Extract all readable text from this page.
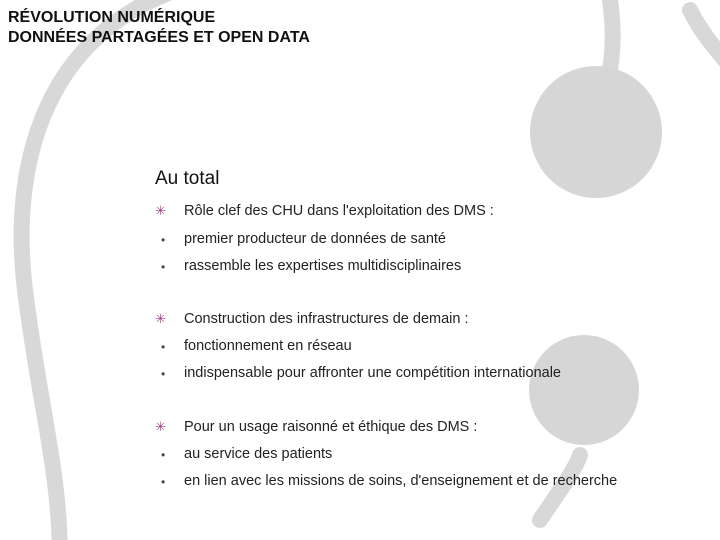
RÉVOLUTION NUMÉRIQUE
DONNÉES PARTAGÉES ET OPEN DATA
Au total
✳ Rôle clef des CHU dans l'exploitation des DMS :
• premier producteur de données de santé
• rassemble les expertises multidisciplinaires
✳ Construction des infrastructures de demain :
• fonctionnement en réseau
• indispensable pour affronter une compétition internationale
✳ Pour un usage raisonné et éthique des DMS :
• au service des patients
• en lien avec les missions de soins, d'enseignement et de recherche
